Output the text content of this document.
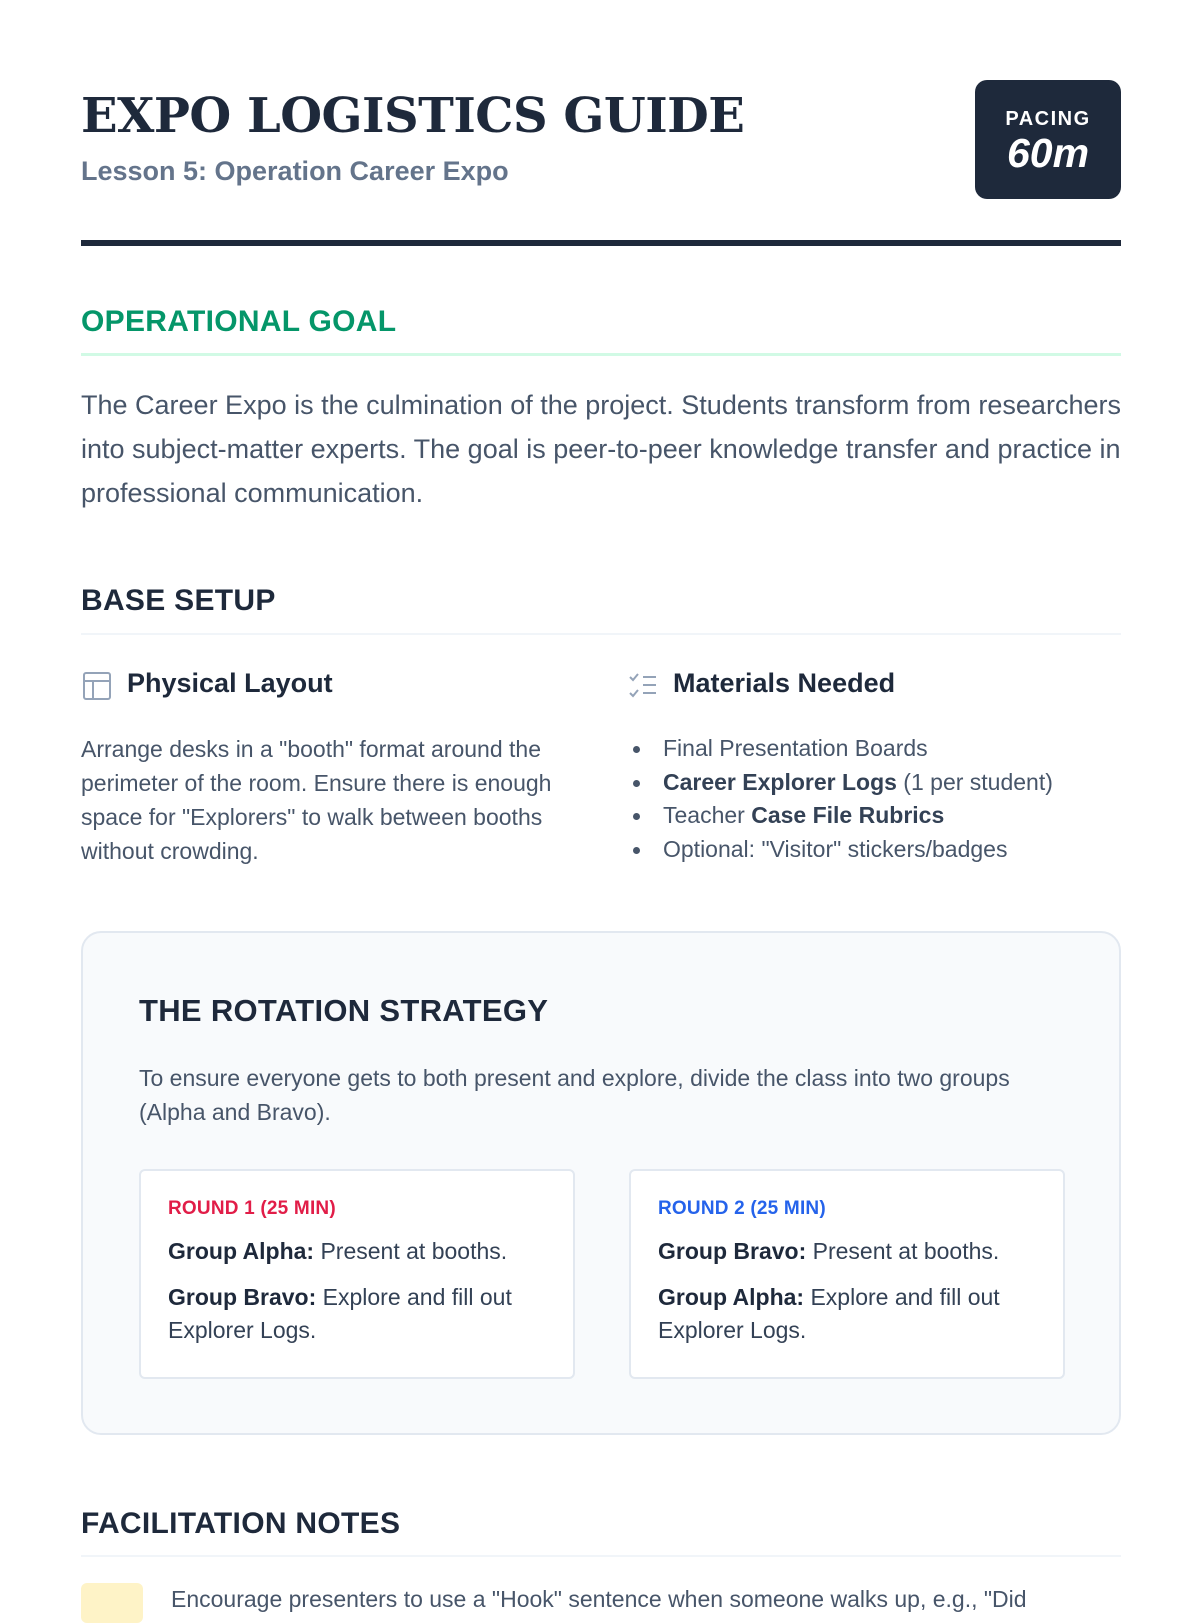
EXPO LOGISTICS GUIDE

Lesson 5: Operation Career Expo

PACING
60m
OPERATIONAL GOAL

The Career Expo is the culmination of the project. Students transform from researchers into subject-matter experts. The goal is peer-to-peer knowledge transfer and practice in professional communication.

BASE SETUP
Physical Layout

Arrange desks in a "booth" format around the perimeter of the room. Ensure there is enough space for "Explorers" to walk between booths without crowding.

Materials Needed
Final Presentation Boards
Career Explorer Logs (1 per student)
Teacher Case File Rubrics
Optional: "Visitor" stickers/badges
THE ROTATION STRATEGY

To ensure everyone gets to both present and explore, divide the class into two groups (Alpha and Bravo).

ROUND 1 (25 MIN)

Group Alpha: Present at booths.

Group Bravo: Explore and fill out Explorer Logs.

ROUND 2 (25 MIN)

Group Bravo: Present at booths.

Group Alpha: Explore and fill out Explorer Logs.

FACILITATION NOTES

Encourage presenters to use a "Hook" sentence when someone walks up, e.g., "Did
